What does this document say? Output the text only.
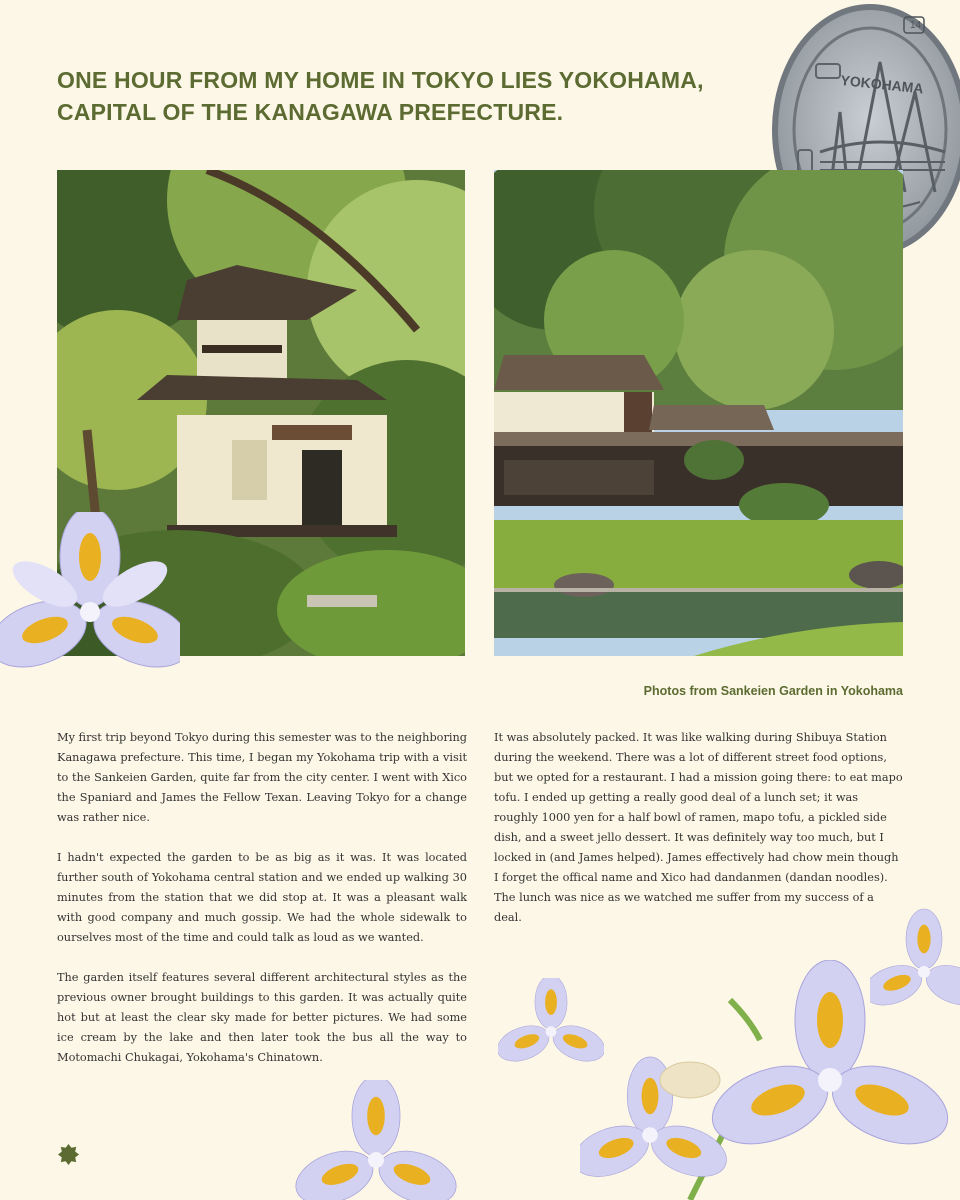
ONE HOUR FROM MY HOME IN TOKYO LIES YOKOHAMA, CAPITAL OF THE KANAGAWA PREFECTURE.
YOKOHAMA
14
Photos from Sankeien Garden in Yokohama

My first trip beyond Tokyo during this semester was to the neighboring Kanagawa prefecture. This time, I began my Yokohama trip with a visit to the Sankeien Garden, quite far from the city center. I went with Xico the Spaniard and James the Fellow Texan. Leaving Tokyo for a change was rather nice.

I hadn't expected the garden to be as big as it was. It was located further south of Yokohama central station and we ended up walking 30 minutes from the station that we did stop at. It was a pleasant walk with good company and much gossip. We had the whole sidewalk to ourselves most of the time and could talk as loud as we wanted.

The garden itself features several different architectural styles as the previous owner brought buildings to this garden. It was actually quite hot but at least the clear sky made for better pictures. We had some ice cream by the lake and then later took the bus all the way to Motomachi Chukagai, Yokohama's Chinatown.

It was absolutely packed. It was like walking during Shibuya Station during the weekend. There was a lot of different street food options, but we opted for a restaurant. I had a mission going there: to eat mapo tofu. I ended up getting a really good deal of a lunch set; it was roughly 1000 yen for a half bowl of ramen, mapo tofu, a pickled side dish, and a sweet jello dessert. It was definitely way too much, but I locked in (and James helped). James effectively had chow mein though I forget the offical name and Xico had dandanmen (dandan noodles). The lunch was nice as we watched me suffer from my success of a deal.
